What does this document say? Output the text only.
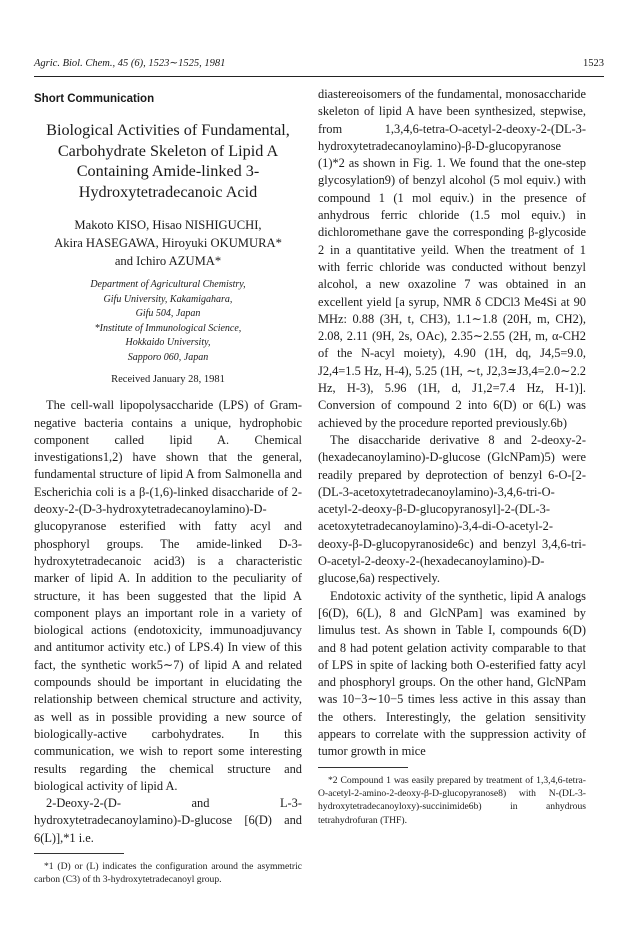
Agric. Biol. Chem., 45 (6), 1523∼1525, 1981	1523
Short Communication
Biological Activities of Fundamental, Carbohydrate Skeleton of Lipid A Containing Amide-linked 3-Hydroxytetradecanoic Acid
Makoto KISO, Hisao NISHIGUCHI,
Akira HASEGAWA, Hiroyuki OKUMURA*
and Ichiro AZUMA*
Department of Agricultural Chemistry,
Gifu University, Kakamigahara,
Gifu 504, Japan
*Institute of Immunological Science,
Hokkaido University,
Sapporo 060, Japan
Received January 28, 1981

The cell-wall lipopolysaccharide (LPS) of Gram-negative bacteria contains a unique, hydrophobic component called lipid A. Chemical investigations1,2) have shown that the general, fundamental structure of lipid A from Salmonella and Escherichia coli is a β-(1,6)-linked disaccharide of 2-deoxy-2-(D-3-hydroxytetradecanoylamino)-D-glucopyranose esterified with fatty acyl and phosphoryl groups. The amide-linked D-3-hydroxytetradecanoic acid3) is a characteristic marker of lipid A. In addition to the peculiarity of structure, it has been suggested that the lipid A component plays an important role in a variety of biological actions (endotoxicity, immunoadjuvancy and antitumor activity etc.) of LPS.4) In view of this fact, the synthetic work5∼7) of lipid A and related compounds should be important in elucidating the relationship between chemical structure and activity, as well as in possible providing a new source of biologically-active carbohydrates. In this communication, we wish to report some interesting results regarding the chemical structure and biological activity of lipid A.

2-Deoxy-2-(D- and L-3-hydroxytetradecanoylamino)-D-glucose [6(D) and 6(L)],*1 i.e.

*1 (D) or (L) indicates the configuration around the asymmetric carbon (C3) of th 3-hydroxytetradecanoyl group.

diastereoisomers of the fundamental, monosaccharide skeleton of lipid A have been synthesized, stepwise, from 1,3,4,6-tetra-O-acetyl-2-deoxy-2-(DL-3-hydroxytetradecanoylamino)-β-D-glucopyranose (1)*2 as shown in Fig. 1. We found that the one-step glycosylation9) of benzyl alcohol (5 mol equiv.) with compound 1 (1 mol equiv.) in the presence of anhydrous ferric chloride (1.5 mol equiv.) in dichloromethane gave the corresponding β-glycoside 2 in a quantitative yeild. When the treatment of 1 with ferric chloride was conducted without benzyl alcohol, a new oxazoline 7 was obtained in an excellent yield [a syrup, NMR δ CDCl3 Me4Si at 90 MHz: 0.88 (3H, t, CH3), 1.1∼1.8 (20H, m, CH2), 2.08, 2.11 (9H, 2s, OAc), 2.35∼2.55 (2H, m, α-CH2 of the N-acyl moiety), 4.90 (1H, dq, J4,5=9.0, J2,4=1.5 Hz, H-4), 5.25 (1H, ∼t, J2,3≃J3,4=2.0∼2.2 Hz, H-3), 5.96 (1H, d, J1,2=7.4 Hz, H-1)]. Conversion of compound 2 into 6(D) or 6(L) was achieved by the procedure reported previously.6b)

The disaccharide derivative 8 and 2-deoxy-2-(hexadecanoylamino)-D-glucose (GlcNPam)5) were readily prepared by deprotection of benzyl 6-O-[2-(DL-3-acetoxytetradecanoylamino)-3,4,6-tri-O-acetyl-2-deoxy-β-D-glucopyranosyl]-2-(DL-3-acetoxytetradecanoylamino)-3,4-di-O-acetyl-2-deoxy-β-D-glucopyranoside6c) and benzyl 3,4,6-tri-O-acetyl-2-deoxy-2-(hexadecanoylamino)-D-glucose,6a) respectively.

Endotoxic activity of the synthetic, lipid A analogs [6(D), 6(L), 8 and GlcNPam] was examined by limulus test. As shown in Table I, compounds 6(D) and 8 had potent gelation activity comparable to that of LPS in spite of lacking both O-esterified fatty acyl and phosphoryl groups. On the other hand, GlcNPam was 10−3∼10−5 times less active in this assay than the others. Interestingly, the gelation sensitivity appears to correlate with the suppression activity of tumor growth in mice

*2 Compound 1 was easily prepared by treatment of 1,3,4,6-tetra-O-acetyl-2-amino-2-deoxy-β-D-glucopyranose8) with N-(DL-3-hydroxytetradecanoyloxy)-succinimide6b) in anhydrous tetrahydrofuran (THF).
